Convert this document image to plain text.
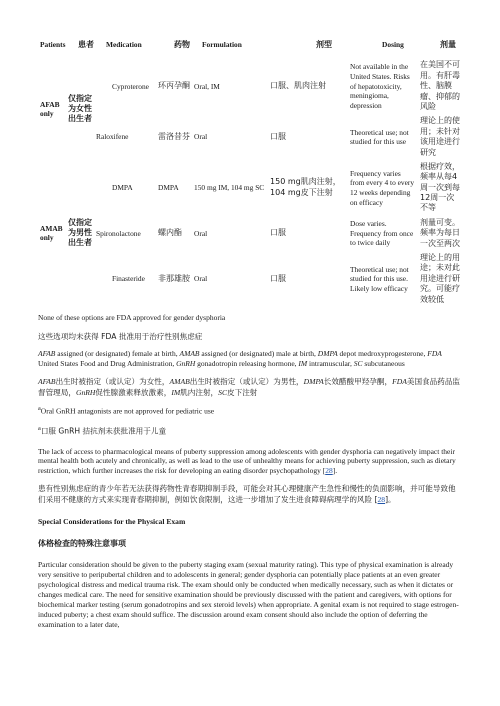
Patients 患者		Medication 药物		Formulation 剂型		Dosing 剂量	

AFAB only	仅指定为女性出生者	Cyproterone	环丙孕酮	Oral, IM	口服、肌肉注射	Not available in the United States. Risks of hepatotoxicity, meningioma, depression	在美国不可用。有肝毒性、脑膜瘤、抑郁的风险
		Raloxifene	雷洛昔芬	Oral	口服	Theoretical use; not studied for this use	理论上的使用；未针对该用途进行研究
AMAB only	仅指定为男性出生者	DMPA	DMPA	150 mg IM, 104 mg SC	150 mg肌肉注射，104 mg皮下注射	Frequency varies from every 4 to every 12 weeks depending on efficacy	根据疗效，频率从每4周一次到每12周一次不等
		Spironolactone	螺内酯	Oral	口服	Dose varies. Frequency from once to twice daily	剂量可变。频率为每日一次至两次
		Finasteride	非那雄胺	Oral	口服	Theoretical use; not studied for this use. Likely low efficacy	理论上的用途；未对此用途进行研究。可能疗效较低

None of these options are FDA approved for gender dysphoria

这些选项均未获得 FDA 批准用于治疗性别焦虑症

AFAB assigned (or designated) female at birth, AMAB assigned (or designated) male at birth, DMPA depot medroxyprogesterone, FDA United States Food and Drug Administration, GnRH gonadotropin releasing hormone, IM intramuscular, SC subcutaneous

AFAB出生时被指定（或认定）为女性，AMAB出生时被指定（或认定）为男性，DMPA长效醋酸甲羟孕酮，FDA美国食品药品监督管理局，GnRH促性腺激素释放激素，IM肌内注射，SC皮下注射

$^a$Oral GnRH antagonists are not approved for pediatric use

$^a$口服 GnRH 拮抗剂未获批准用于儿童

The lack of access to pharmacological means of puberty suppression among adolescents with gender dysphoria can negatively impact their mental health both acutely and chronically, as well as lead to the use of unhealthy means for achieving puberty suppression, such as dietary restriction, which further increases the risk for developing an eating disorder psychopathology [28].

患有性别焦虑症的青少年若无法获得药物性青春期抑制手段，可能会对其心理健康产生急性和慢性的负面影响，并可能导致他们采用不健康的方式来实现青春期抑制，例如饮食限制，这进一步增加了发生进食障碍病理学的风险 [28]。

Special Considerations for the Physical Exam

体格检查的特殊注意事项

Particular consideration should be given to the puberty staging exam (sexual maturity rating). This type of physical examination is already very sensitive to peripubertal children and to adolescents in general; gender dysphoria can potentially place patients at an even greater psychological distress and medical trauma risk. The exam should only be conducted when medically necessary, such as when it dictates or changes medical care. The need for sensitive examination should be previously discussed with the patient and caregivers, with options for biochemical marker testing (serum gonadotropins and sex steroid levels) when appropriate. A genital exam is not required to stage estrogen-induced puberty; a chest exam should suffice. The discussion around exam consent should also include the option of deferring the examination to a later date,
